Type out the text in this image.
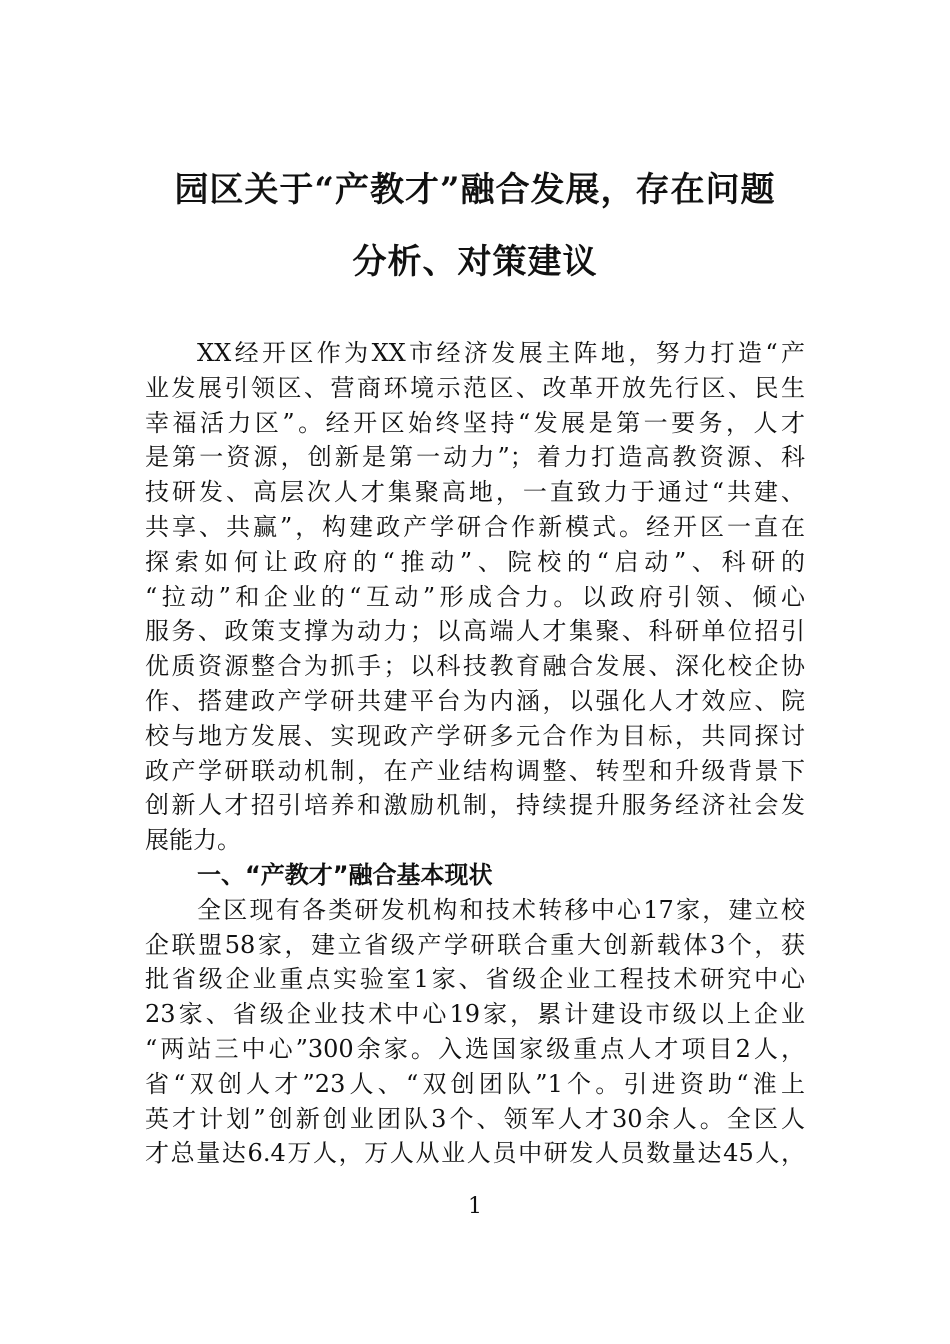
园区关于“产教才”融合发展，存在问题
分析、对策建议
XX经开区作为XX市经济发展主阵地，努力打造“产
业发展引领区、营商环境示范区、改革开放先行区、民生
幸福活力区”。经开区始终坚持“发展是第一要务，人才
是第一资源，创新是第一动力”；着力打造高教资源、科
技研发、高层次人才集聚高地，一直致力于通过“共建、
共享、共赢”，构建政产学研合作新模式。经开区一直在
探索如何让政府的“推动”、院校的“启动”、科研的
“拉动”和企业的“互动”形成合力。以政府引领、倾心
服务、政策支撑为动力；以高端人才集聚、科研单位招引
优质资源整合为抓手；以科技教育融合发展、深化校企协
作、搭建政产学研共建平台为内涵，以强化人才效应、院
校与地方发展、实现政产学研多元合作为目标，共同探讨
政产学研联动机制，在产业结构调整、转型和升级背景下
创新人才招引培养和激励机制，持续提升服务经济社会发
展能力。
一、“产教才”融合基本现状
全区现有各类研发机构和技术转移中心17家，建立校
企联盟58家，建立省级产学研联合重大创新载体3个，获
批省级企业重点实验室1家、省级企业工程技术研究中心
23家、省级企业技术中心19家，累计建设市级以上企业
“两站三中心”300余家。入选国家级重点人才项目2人，
省“双创人才”23人、“双创团队”1个。引进资助“淮上
英才计划”创新创业团队3个、领军人才30余人。全区人
才总量达6.4万人，万人从业人员中研发人员数量达45人，
1
